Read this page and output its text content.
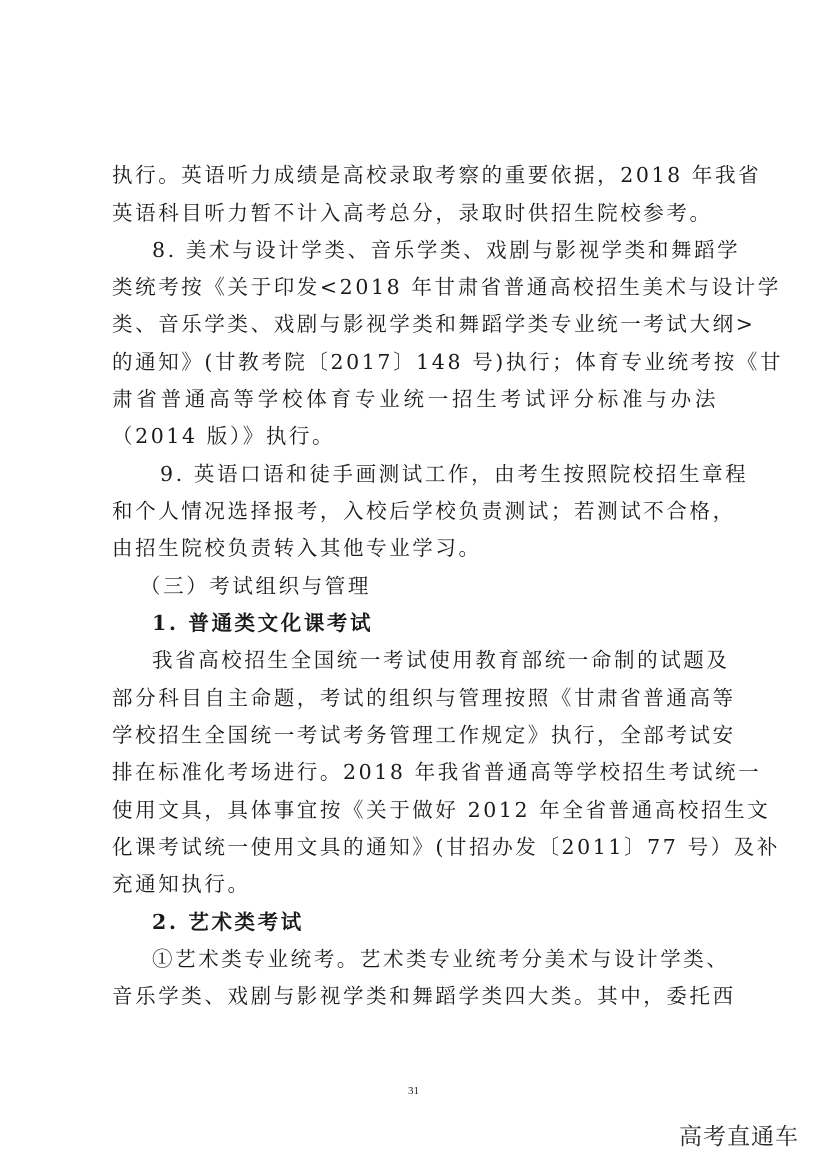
执行。英语听力成绩是高校录取考察的重要依据，2018 年我省
英语科目听力暂不计入高考总分，录取时供招生院校参考。
8. 美术与设计学类、音乐学类、戏剧与影视学类和舞蹈学
类统考按《关于印发<2018 年甘肃省普通高校招生美术与设计学
类、音乐学类、戏剧与影视学类和舞蹈学类专业统一考试大纲>
的通知》(甘教考院〔2017〕148 号)执行；体育专业统考按《甘
肃省普通高等学校体育专业统一招生考试评分标准与办法
（2014 版）》执行。
9. 英语口语和徒手画测试工作，由考生按照院校招生章程
和个人情况选择报考，入校后学校负责测试；若测试不合格，
由招生院校负责转入其他专业学习。
（三）考试组织与管理
1. 普通类文化课考试
我省高校招生全国统一考试使用教育部统一命制的试题及
部分科目自主命题，考试的组织与管理按照《甘肃省普通高等
学校招生全国统一考试考务管理工作规定》执行，全部考试安
排在标准化考场进行。2018 年我省普通高等学校招生考试统一
使用文具，具体事宜按《关于做好 2012 年全省普通高校招生文
化课考试统一使用文具的通知》(甘招办发〔2011〕77 号）及补
充通知执行。
2. 艺术类考试
①艺术类专业统考。艺术类专业统考分美术与设计学类、
音乐学类、戏剧与影视学类和舞蹈学类四大类。其中，委托西
31
高考直通车
